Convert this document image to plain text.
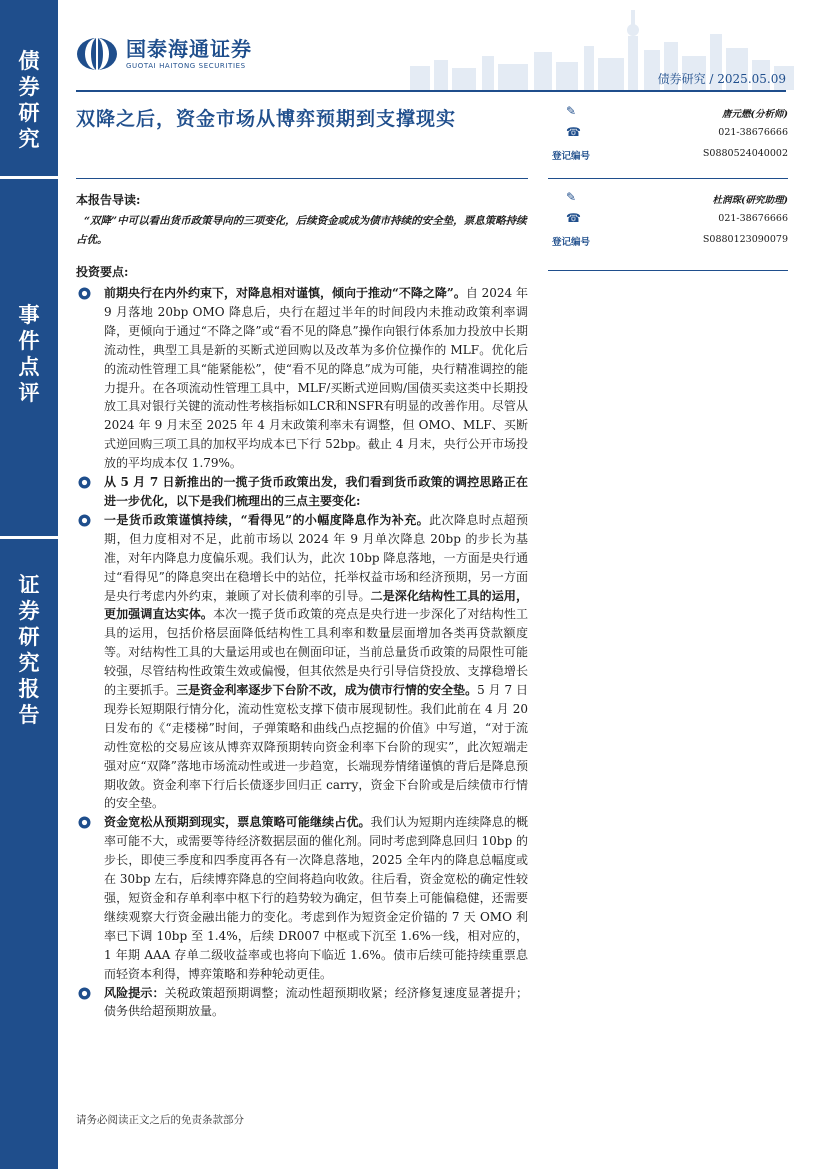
债券研究
事件点评
证券研究报告
国泰海通证券
GUOTAI HAITONG SECURITIES
债券研究 / 2025.05.09
双降之后，资金市场从博弈预期到支撑现实	✎	唐元懋(分析师)
☎	021-38676666
登记编号	S0880524040002
✎	杜润琛(研究助理)
☎	021-38676666
登记编号	S0880123090079
本报告导读:
“双降”中可以看出货币政策导向的三项变化，后续资金或成为债市持续的安全垫，票息策略持续占优。
投资要点:

前期央行在内外约束下，对降息相对谨慎，倾向于推动“不降之降”。自 2024 年 9 月落地 20bp OMO 降息后，央行在超过半年的时间段内未推动政策利率调降，更倾向于通过“不降之降”或“看不见的降息”操作向银行体系加力投放中长期流动性，典型工具是新的买断式逆回购以及改革为多价位操作的 MLF。优化后的流动性管理工具“能紧能松”，使“看不见的降息”成为可能，央行精准调控的能力提升。在各项流动性管理工具中，MLF/买断式逆回购/国债买卖这类中长期投放工具对银行关键的流动性考核指标如LCR和NSFR有明显的改善作用。尽管从 2024 年 9 月末至 2025 年 4 月末政策利率未有调整，但 OMO、MLF、买断式逆回购三项工具的加权平均成本已下行 52bp。截止 4 月末，央行公开市场投放的平均成本仅 1.79%。

从 5 月 7 日新推出的一揽子货币政策出发，我们看到货币政策的调控思路正在进一步优化，以下是我们梳理出的三点主要变化:

一是货币政策谨慎持续，“看得见”的小幅度降息作为补充。此次降息时点超预期，但力度相对不足，此前市场以 2024 年 9 月单次降息 20bp 的步长为基准，对年内降息力度偏乐观。我们认为，此次 10bp 降息落地，一方面是央行通过“看得见”的降息突出在稳增长中的站位，托举权益市场和经济预期，另一方面是央行考虑内外约束，兼顾了对长债利率的引导。二是深化结构性工具的运用，更加强调直达实体。本次一揽子货币政策的亮点是央行进一步深化了对结构性工具的运用，包括价格层面降低结构性工具利率和数量层面增加各类再贷款额度等。对结构性工具的大量运用或也在侧面印证，当前总量货币政策的局限性可能较强，尽管结构性政策生效或偏慢，但其依然是央行引导信贷投放、支撑稳增长的主要抓手。三是资金利率逐步下台阶不改，成为债市行情的安全垫。5 月 7 日现券长短期限行情分化，流动性宽松支撑下债市展现韧性。我们此前在 4 月 20 日发布的《“走楼梯”时间，子弹策略和曲线凸点挖掘的价值》中写道，“对于流动性宽松的交易应该从博弈双降预期转向资金利率下台阶的现实”，此次短端走强对应“双降”落地市场流动性或进一步趋宽，长端现券情绪谨慎的背后是降息预期收敛。资金利率下行后长债逐步回归正 carry，资金下台阶或是后续债市行情的安全垫。

资金宽松从预期到现实，票息策略可能继续占优。我们认为短期内连续降息的概率可能不大，或需要等待经济数据层面的催化剂。同时考虑到降息回归 10bp 的步长，即使三季度和四季度再各有一次降息落地，2025 全年内的降息总幅度或在 30bp 左右，后续博弈降息的空间将趋向收敛。往后看，资金宽松的确定性较强，短资金和存单利率中枢下行的趋势较为确定，但节奏上可能偏稳健，还需要继续观察大行资金融出能力的变化。考虑到作为短资金定价锚的 7 天 OMO 利率已下调 10bp 至 1.4%，后续 DR007 中枢或下沉至 1.6%一线，相对应的，1 年期 AAA 存单二级收益率或也将向下临近 1.6%。债市后续可能持续重票息而轻资本利得，博弈策略和券种轮动更佳。

风险提示：关税政策超预期调整；流动性超预期收紧；经济修复速度显著提升；债务供给超预期放量。

请务必阅读正文之后的免责条款部分
